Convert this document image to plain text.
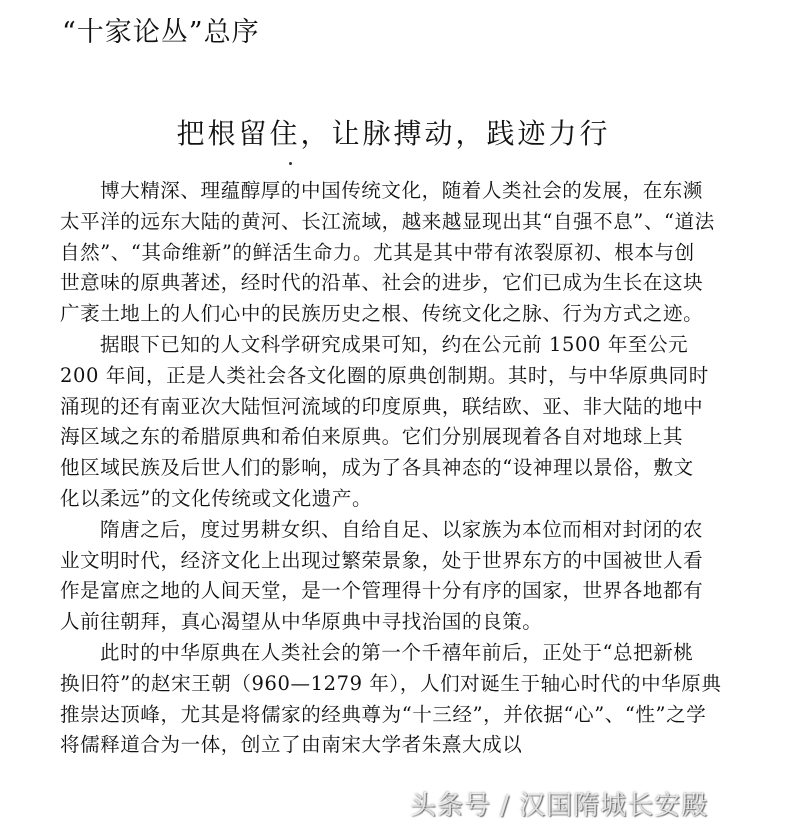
“十家论丛”总序
把根留住，让脉搏动，践迹力行
博大精深、理蕴醇厚的中国传统文化，随着人类社会的发展，在东濒
太平洋的远东大陆的黄河、长江流域，越来越显现出其“自强不息”、“道法
自然”、“其命维新”的鲜活生命力。尤其是其中带有浓裂原初、根本与创
世意味的原典著述，经时代的沿革、社会的进步，它们已成为生长在这块
广袤土地上的人们心中的民族历史之根、传统文化之脉、行为方式之迹。
据眼下已知的人文科学研究成果可知，约在公元前 1500 年至公元
200 年间，正是人类社会各文化圈的原典创制期。其时，与中华原典同时
涌现的还有南亚次大陆恒河流域的印度原典，联结欧、亚、非大陆的地中
海区域之东的希腊原典和希伯来原典。它们分别展现着各自对地球上其
他区域民族及后世人们的影响，成为了各具神态的“设神理以景俗，敷文
化以柔远”的文化传统或文化遗产。
隋唐之后，度过男耕女织、自给自足、以家族为本位而相对封闭的农
业文明时代，经济文化上出现过繁荣景象，处于世界东方的中国被世人看
作是富庶之地的人间天堂，是一个管理得十分有序的国家，世界各地都有
人前往朝拜，真心渴望从中华原典中寻找治国的良策。
此时的中华原典在人类社会的第一个千禧年前后，正处于“总把新桃
换旧符”的赵宋王朝（960—1279 年），人们对诞生于轴心时代的中华原典
推崇达顶峰，尤其是将儒家的经典尊为“十三经”，并依据“心”、“性”之学
将儒释道合为一体，创立了由南宋大学者朱熹大成以
头条号 / 汉国隋城长安殿
